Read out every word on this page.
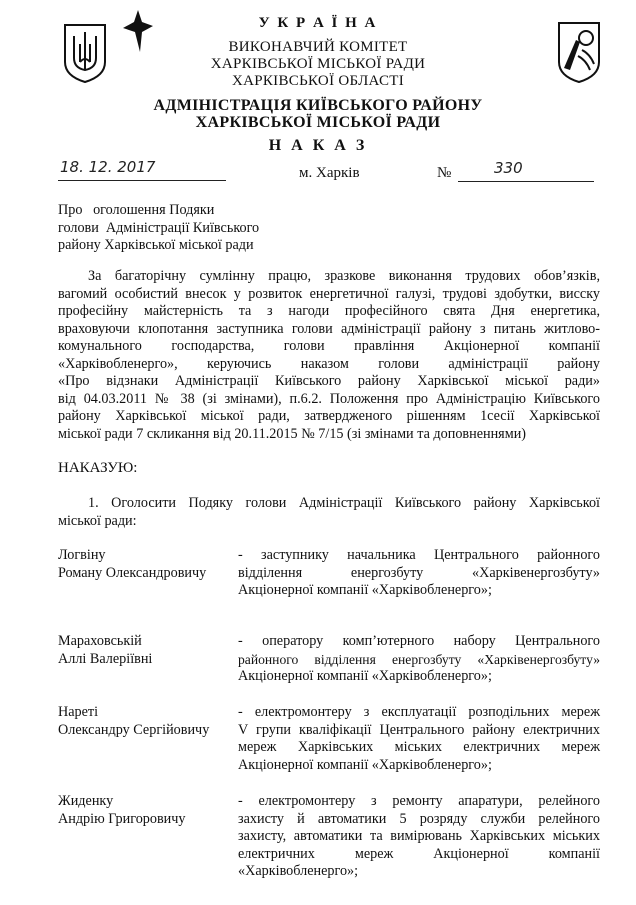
У К Р А Ї Н А
ВИКОНАВЧИЙ КОМІТЕТ
ХАРКІВСЬКОЇ МІСЬКОЇ РАДИ
ХАРКІВСЬКОЇ ОБЛАСТІ
АДМІНІСТРАЦІЯ КИЇВСЬКОГО РАЙОНУ
ХАРКІВСЬКОЇ МІСЬКОЇ РАДИ
Н А К А З
18. 12. 2017	м. Харків	№	330
Про   оголошення Подяки
голови  Адміністрації Київського
району Харківської міської ради
За багаторічну сумлінну працю, зразкове виконання трудових обов’язків,
вагомий особистий внесок у розвиток енергетичної галузі, трудові здобутки, висску
професійну майстерність та з нагоди професійного свята Дня енергетика,
враховуючи клопотання заступника голови адміністрації району з питань житлово-
комунального господарства, голови правління Акціонерної компанії
«Харківобленерго», керуючись наказом голови адміністрації району
«Про відзнаки Адміністрації Київського району Харківської міської ради»
від 04.03.2011 № 38 (зі змінами), п.6.2. Положення про Адміністрацію Київського
району Харківської міської ради, затвердженого рішенням 1сесії Харківської
міської ради 7 скликання від 20.11.2015 № 7/15 (зі змінами та доповненнями)
НАКАЗУЮ:
1. Оголосити Подяку голови Адміністрації Київського району Харківської
міської ради:
Логвіну
Роману Олександровичу
- заступнику начальника Центрального районного
відділення енергозбуту «Харківенергозбуту»
Акціонерної компанії «Харківобленерго»;
Мараховській
Аллі Валеріївні
- оператору комп’ютерного набору Центрального
районного відділення енергозбуту «Харківенергозбуту»
Акціонерної компанії «Харківобленерго»;
Нареті
Олександру Сергійовичу
- електромонтеру з експлуатації розподільних мереж
V групи кваліфікації Центрального району електричних
мереж Харківських міських електричних мереж
Акціонерної компанії «Харківобленерго»;
Жиденку
Андрію Григоровичу
- електромонтеру з ремонту апаратури, релейного
захисту й автоматики 5 розряду служби релейного
захисту, автоматики та вимірювань Харківських міських
електричних мереж Акціонерної компанії
«Харківобленерго»;
